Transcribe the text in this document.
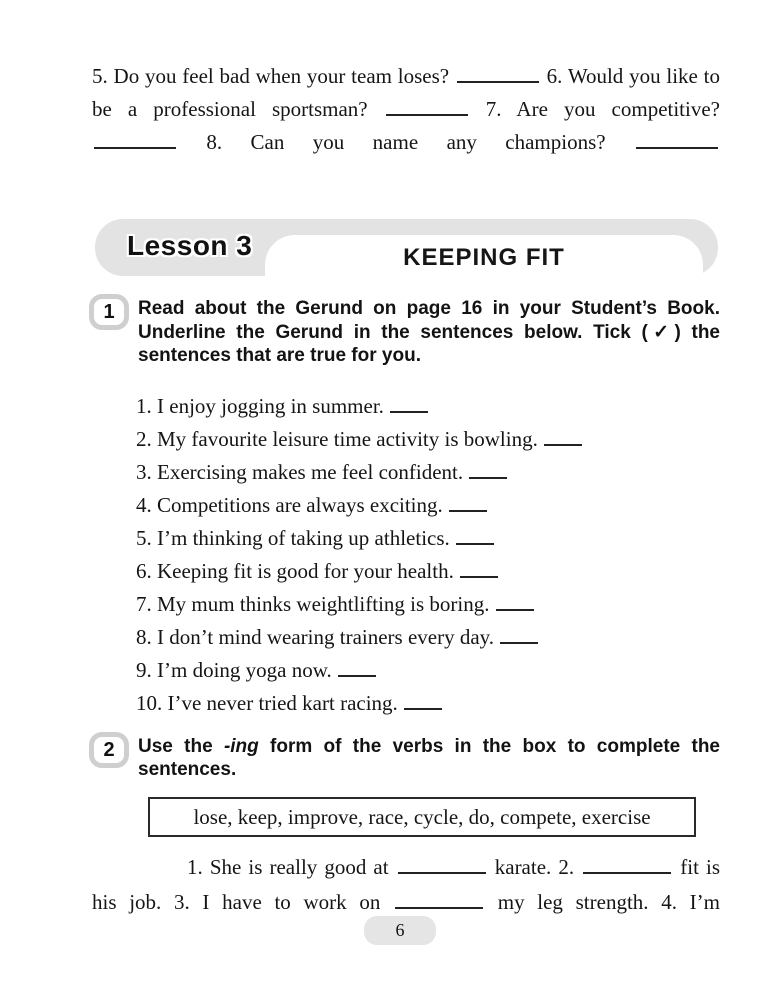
5. Do you feel bad when your team loses?	6. Would you like to be a professional sportsman?	7. Are you competitive?  8. Can you name any champions?
Lesson 3	KEEPING FIT
1	Read about the Gerund on page 16 in your Student’s Book. Underline the Gerund in the sentences below. Tick (✓) the sentences that are true for you.
1. I enjoy jogging in summer.
2. My favourite leisure time activity is bowling.
3. Exercising makes me feel confident.
4. Competitions are always exciting.
5. I’m thinking of taking up athletics.
6. Keeping fit is good for your health.
7. My mum thinks weightlifting is boring.
8. I don’t mind wearing trainers every day.
9. I’m doing yoga now.
10. I’ve never tried kart racing.
2	Use the -ing form of the verbs in the box to complete the sentences.
lose, keep, improve, race, cycle, do, compete, exercise
1. She is really good at	karate. 2.	fit is his job. 3. I have to work on	my leg strength. 4. I’m
6
